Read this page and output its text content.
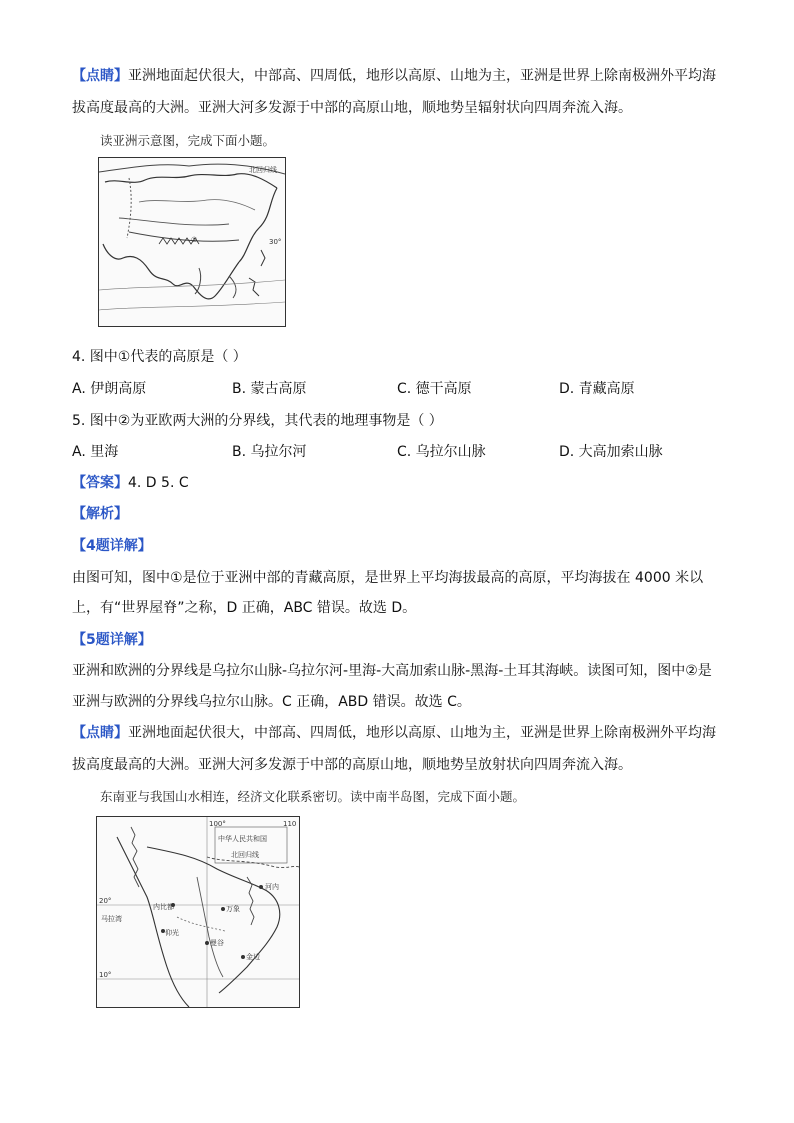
【点睛】亚洲地面起伏很大，中部高、四周低，地形以高原、山地为主，亚洲是世界上除南极洲外平均海
拔高度最高的大洲。亚洲大河多发源于中部的高原山地，顺地势呈辐射状向四周奔流入海。
读亚洲示意图，完成下面小题。
①	30°
北回归线
4. 图中①代表的高原是（ ）
A. 伊朗高原	B. 蒙古高原	C. 德干高原	D. 青藏高原
5. 图中②为亚欧两大洲的分界线，其代表的地理事物是（ ）
A. 里海	B. 乌拉尔河	C. 乌拉尔山脉	D. 大高加索山脉
【答案】4. D 5. C
【解析】
【4题详解】
由图可知，图中①是位于亚洲中部的青藏高原，是世界上平均海拔最高的高原，平均海拔在 4000 米以
上，有“世界屋脊”之称，D 正确，ABC 错误。故选 D。
【5题详解】
亚洲和欧洲的分界线是乌拉尔山脉-乌拉尔河-里海-大高加索山脉-黑海-土耳其海峡。读图可知，图中②是
亚洲与欧洲的分界线乌拉尔山脉。C 正确，ABD 错误。故选 C。
【点睛】亚洲地面起伏很大，中部高、四周低，地形以高原、山地为主，亚洲是世界上除南极洲外平均海
拔高度最高的大洲。亚洲大河多发源于中部的高原山地，顺地势呈放射状向四周奔流入海。
东南亚与我国山水相连，经济文化联系密切。读中南半岛图，完成下面小题。
100°	110
中华人民共和国
北回归线
20°
10°
河内
万象
曼谷
金边
仰光
内比都
马拉湾
